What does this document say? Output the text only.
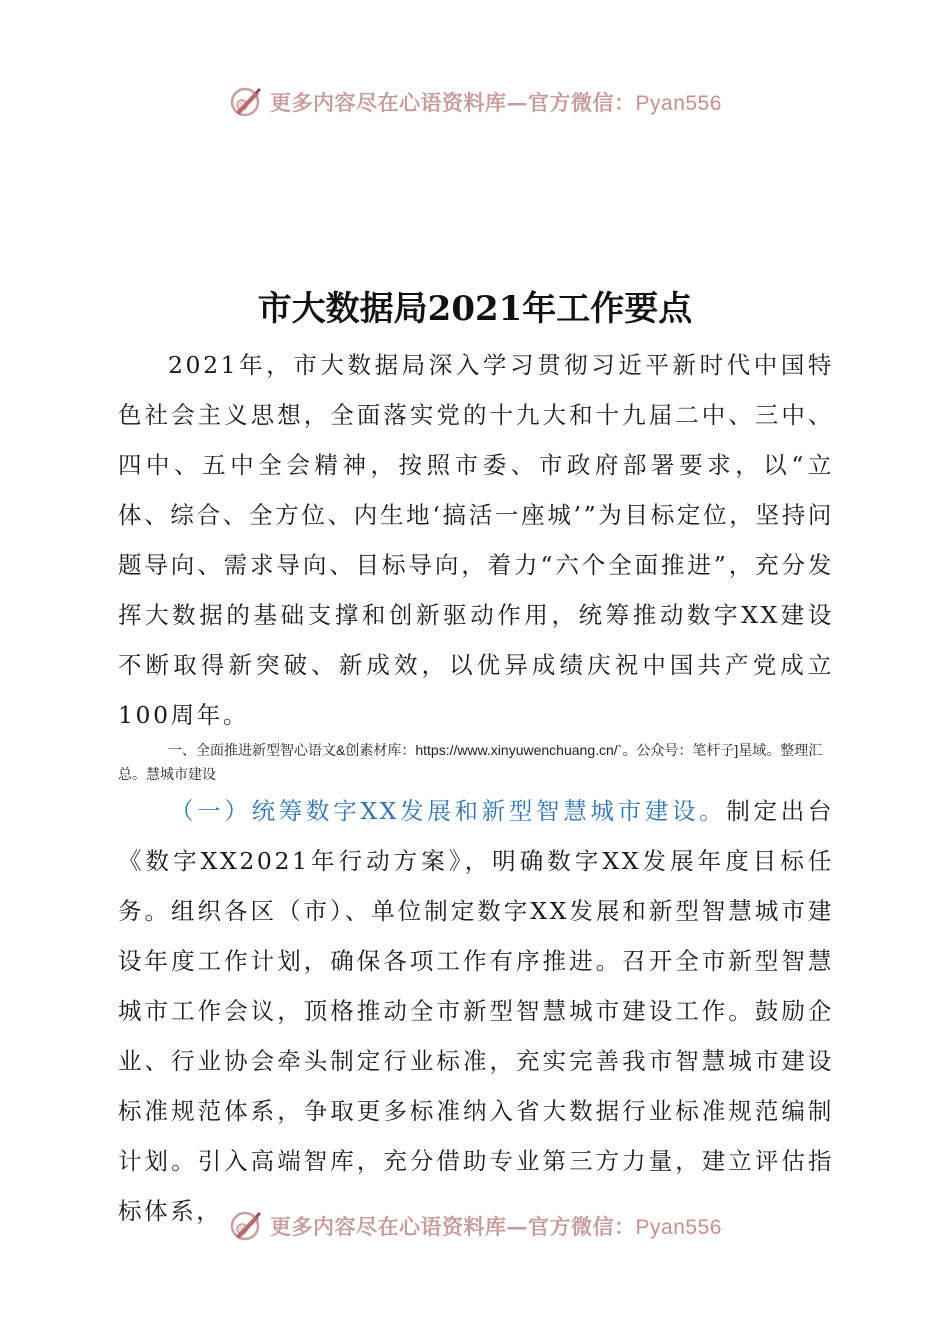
更多内容尽在心语资料库—官方微信：Pyan556
市大数据局2021年工作要点

2021年，市大数据局深入学习贯彻习近平新时代中国特色社会主义思想，全面落实党的十九大和十九届二中、三中、四中、五中全会精神，按照市委、市政府部署要求，以“立体、综合、全方位、内生地‘搞活一座城’”为目标定位，坚持问题导向、需求导向、目标导向，着力“六个全面推进”，充分发挥大数据的基础支撑和创新驱动作用，统筹推动数字XX建设不断取得新突破、新成效，以优异成绩庆祝中国共产党成立100周年。

一、全面推进新型智心语文&创素材库：https://www.xinyuwenchuang.cn/`。公众号：笔杆子]星域。整理汇总。慧城市建设

（一）统筹数字XX发展和新型智慧城市建设。制定出台《数字XX2021年行动方案》，明确数字XX发展年度目标任务。组织各区（市）、单位制定数字XX发展和新型智慧城市建设年度工作计划，确保各项工作有序推进。召开全市新型智慧城市工作会议，顶格推动全市新型智慧城市建设工作。鼓励企业、行业协会牵头制定行业标准，充实完善我市智慧城市建设标准规范体系，争取更多标准纳入省大数据行业标准规范编制计划。引入高端智库，充分借助专业第三方力量，建立评估指标体系，

更多内容尽在心语资料库—官方微信：Pyan556
